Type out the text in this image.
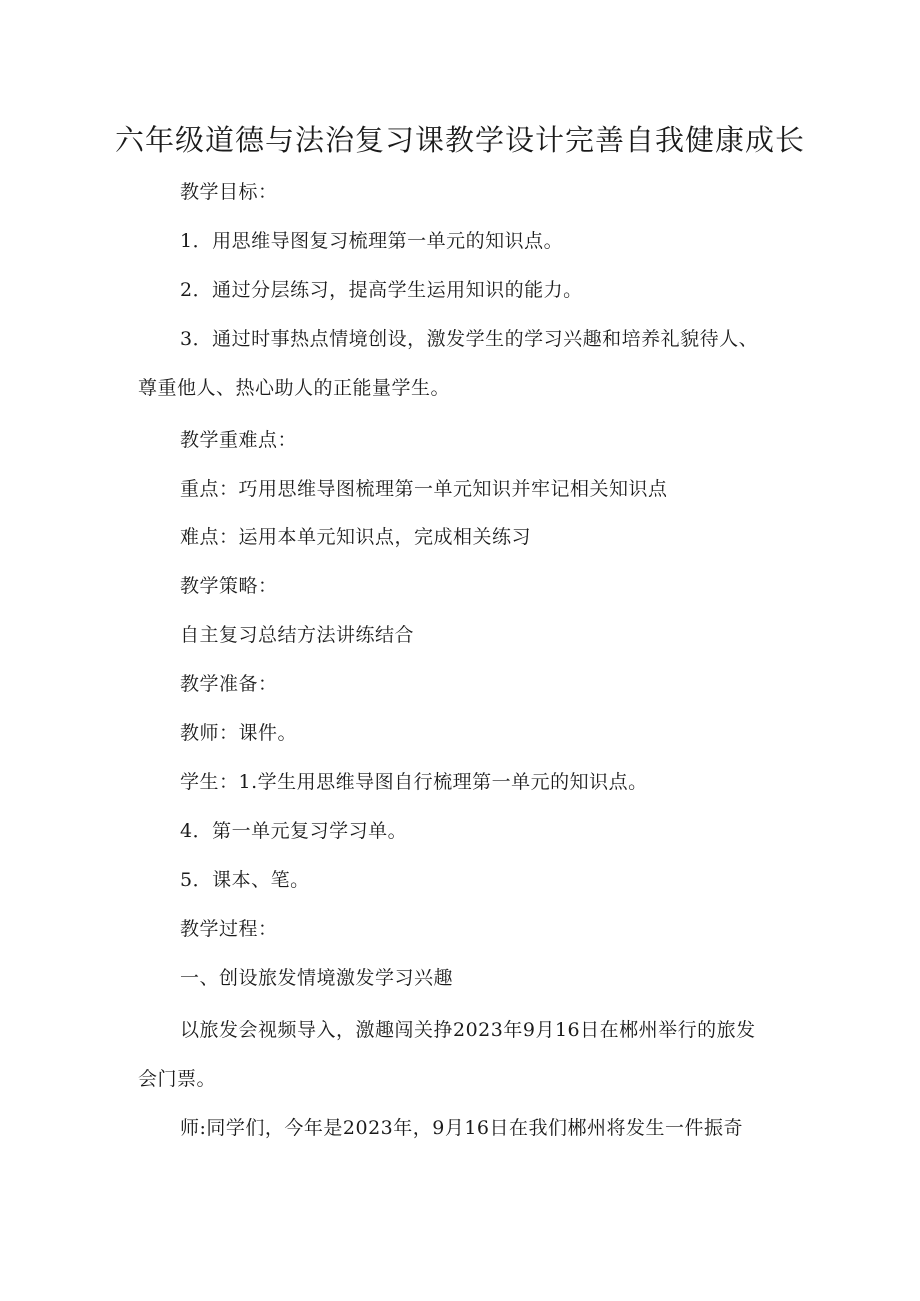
六年级道德与法治复习课教学设计完善自我健康成长
教学目标：
1．用思维导图复习梳理第一单元的知识点。
2．通过分层练习，提高学生运用知识的能力。
3．通过时事热点情境创设，激发学生的学习兴趣和培养礼貌待人、
尊重他人、热心助人的正能量学生。
教学重难点：
重点：巧用思维导图梳理第一单元知识并牢记相关知识点
难点：运用本单元知识点，完成相关练习
教学策略：
自主复习总结方法讲练结合
教学准备：
教师：课件。
学生：1.学生用思维导图自行梳理第一单元的知识点。
4．第一单元复习学习单。
5．课本、笔。
教学过程：
一、创设旅发情境激发学习兴趣
以旅发会视频导入，激趣闯关挣2023年9月16日在郴州举行的旅发
会门票。
师:同学们，今年是2023年，9月16日在我们郴州将发生一件振奇
